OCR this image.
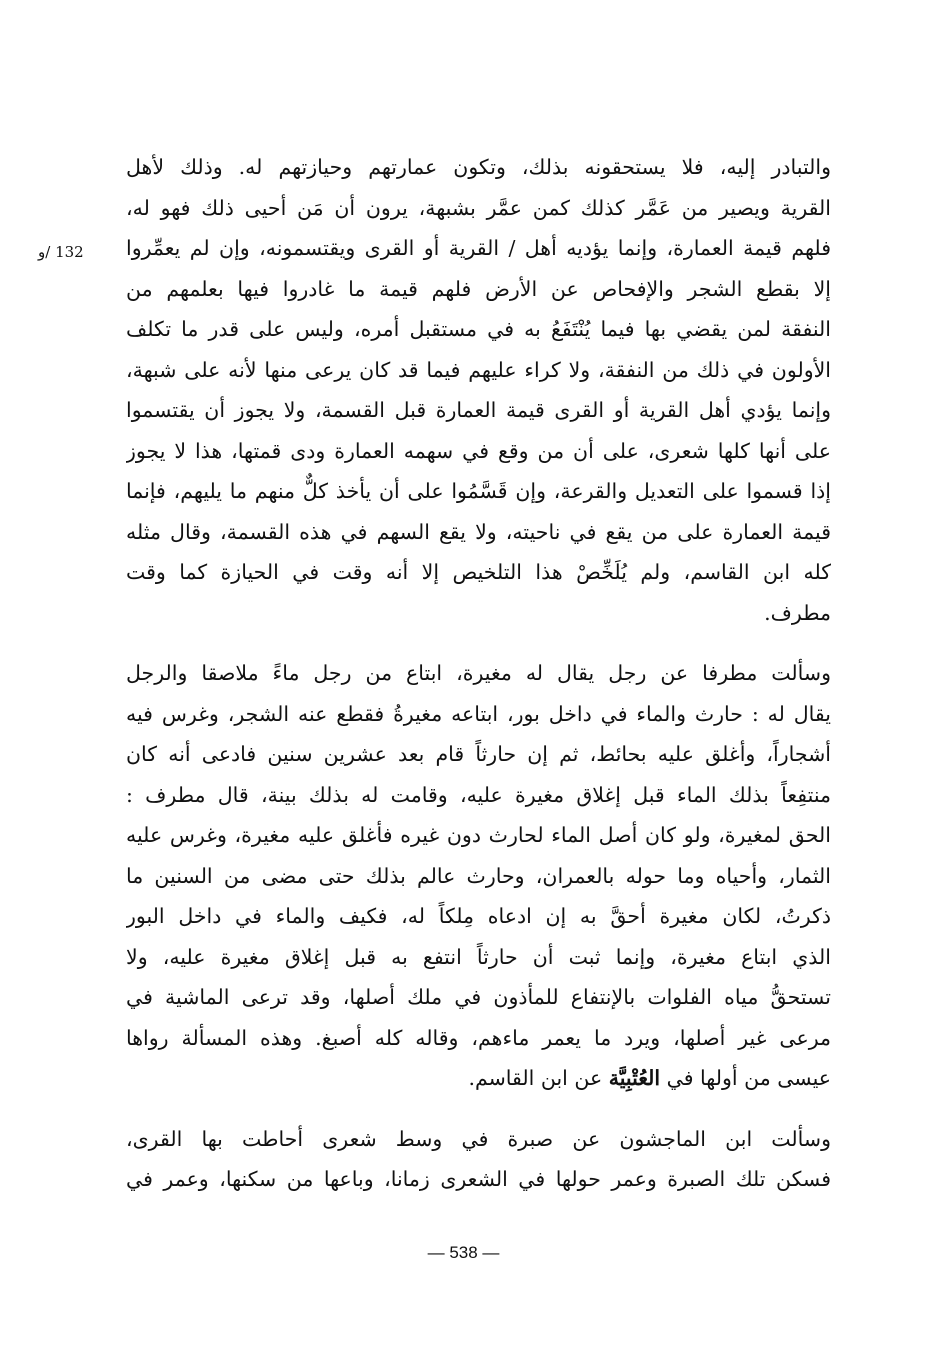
132 /و
والتبادر إليه، فلا يستحقونه بذلك، وتكون عمارتهم وحيازتهم له. وذلك لأهل
القرية ويصير من عَمَّر كذلك كمن عمَّر بشبهة، يرون أن مَن أحيى ذلك فهو له،
فلهم قيمة العمارة، وإنما يؤديه أهل / القرية أو القرى ويقتسمونه، وإن لم يعمِّروا
إلا بقطع الشجر والإفحاص عن الأرض فلهم قيمة ما غادروا فيها بعلمهم من
النفقة لمن يقضي بها فيما يُنْتَفَعُ به في مستقبل أمره، وليس على قدر ما تكلف
الأولون في ذلك من النفقة، ولا كراء عليهم فيما قد كان يرعى منها لأنه على شبهة،
وإنما يؤدي أهل القرية أو القرى قيمة العمارة قبل القسمة، ولا يجوز أن يقتسموا
على أنها كلها شعرى، على أن من وقع في سهمه العمارة ودى قمتها، هذا لا يجوز
إذا قسموا على التعديل والقرعة، وإن قَسَّمُوا على أن يأخذ كلٌّ منهم ما يليهم، فإنما
قيمة العمارة على من يقع في ناحيته، ولا يقع السهم في هذه القسمة، وقال مثله
كله ابن القاسم، ولم يُلَخِّصْ هذا التلخيص إلا أنه وقت في الحيازة كما وقت
مطرف.
وسألت مطرفا عن رجل يقال له مغيرة، ابتاع من رجل ماءً ملاصقا والرجل
يقال له : حارث والماء في داخل بور، ابتاعه مغيرةُ فقطع عنه الشجر، وغرس فيه
أشجاراً، وأغلق عليه بحائط، ثم إن حارثاً قام بعد عشرين سنين فادعى أنه كان
منتفِعاً بذلك الماء قبل إغلاق مغيرة عليه، وقامت له بذلك بينة، قال مطرف :
الحق لمغيرة، ولو كان أصل الماء لحارث دون غيره فأغلق عليه مغيرة، وغرس عليه
الثمار، وأحياه وما حوله بالعمران، وحارث عالم بذلك حتى مضى من السنين ما
ذكرتُ، لكان مغيرة أحقَّ به إن ادعاه مِلكاً له، فكيف والماء في داخل البور
الذي ابتاع مغيرة، وإنما ثبت أن حارثاً انتفع به قبل إغلاق مغيرة عليه، ولا
تستحقُّ مياه الفلوات بالإنتفاع للمأذون في ملك أصلها، وقد ترعى الماشية في
مرعى غير أصلها، ويرد ما يعمر ماءهم، وقاله كله أصبغ. وهذه المسألة رواها
عيسى من أولها في العُتْبِيَّة عن ابن القاسم.
وسألت ابن الماجشون عن صبرة في وسط شعرى أحاطت بها القرى،
فسكن تلك الصبرة وعمر حولها في الشعرى زمانا، وباعها من سكنها، وعمر في
— 538 —
